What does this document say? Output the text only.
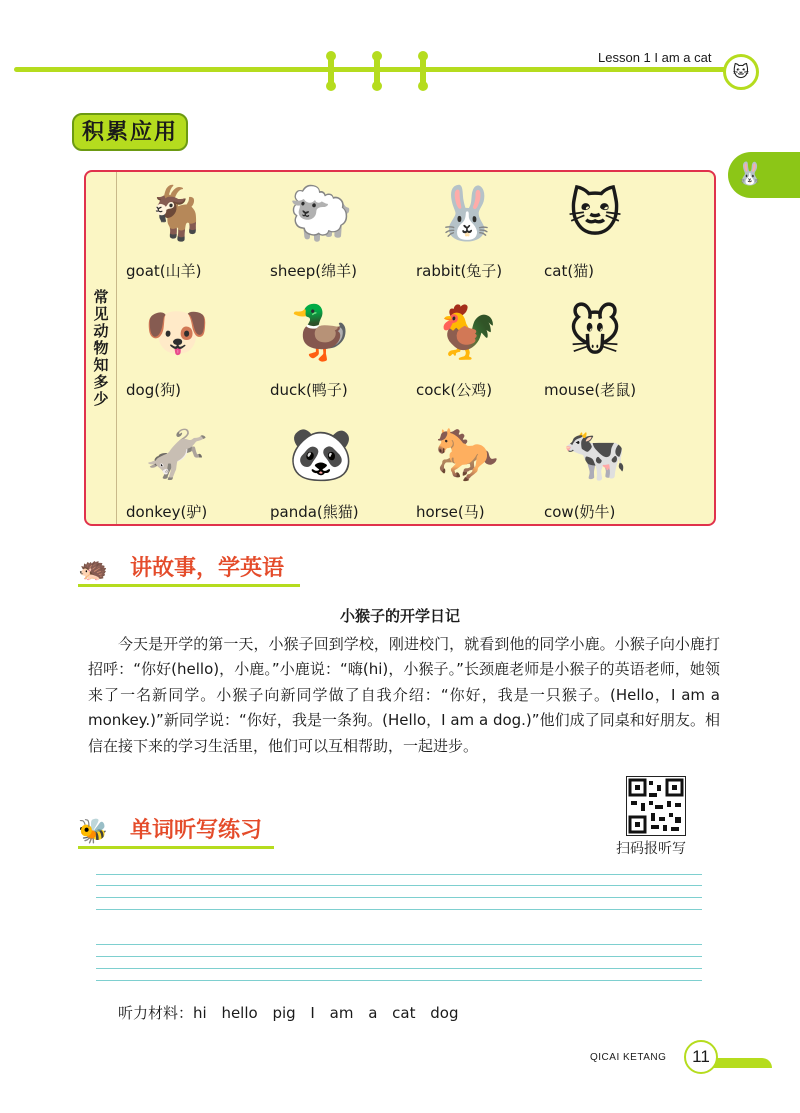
Lesson 1 I am a cat
🐱
🐰
积累应用
常见动物知多少
🐐
goat(山羊)
🐑
sheep(绵羊)
🐰
rabbit(兔子)
🐱
cat(猫)
🐶
dog(狗)
🦆
duck(鸭子)
🐓
cock(公鸡)
🐭
mouse(老鼠)
🫏
donkey(驴)
🐼
panda(熊猫)
🐎
horse(马)
🐄
cow(奶牛)
🦔	讲故事，学英语
小猴子的开学日记
今天是开学的第一天，小猴子回到学校，刚进校门，就看到他的同学小鹿。小猴子向小鹿打招呼：“你好(hello)，小鹿。”小鹿说：“嗨(hi)，小猴子。”长颈鹿老师是小猴子的英语老师，她领来了一名新同学。小猴子向新同学做了自我介绍：“你好，我是一只猴子。(Hello，I am a monkey.)”新同学说：“你好，我是一条狗。(Hello，I am a dog.)”他们成了同桌和好朋友。相信在接下来的学习生活里，他们可以互相帮助，一起进步。
🐝	单词听写练习
扫码报听写
听力材料：hi hello pig I am a cat dog
QICAI KETANG	11
